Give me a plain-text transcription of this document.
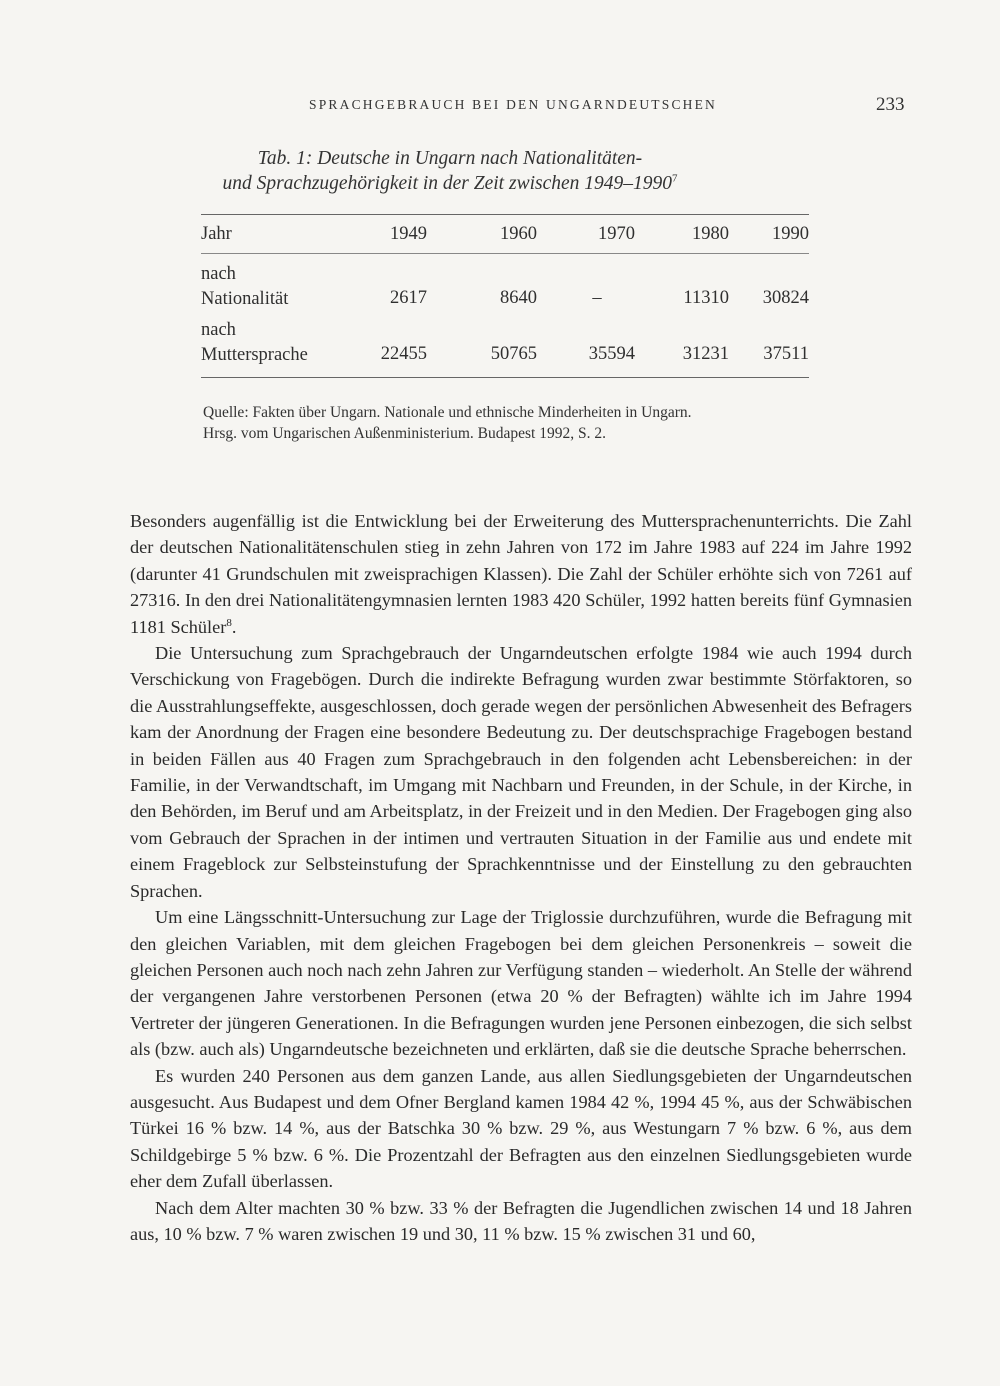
SPRACHGEBRAUCH BEI DEN UNGARNDEUTSCHEN	233
Tab. 1: Deutsche in Ungarn nach Nationalitäten-
und Sprachzugehörigkeit in der Zeit zwischen 1949–1990$^7$
Jahr	1949	1960	1970	1980	1990

nach
Nationalität	2617	8640	–	11310	30824

nach
Muttersprache	22455	50765	35594	31231	37511

Quelle: Fakten über Ungarn. Nationale und ethnische Minderheiten in Ungarn.
Hrsg. vom Ungarischen Außenministerium. Budapest 1992, S. 2.

Besonders augenfällig ist die Entwicklung bei der Erweiterung des Muttersprachenunterrichts. Die Zahl der deutschen Nationalitätenschulen stieg in zehn Jahren von 172 im Jahre 1983 auf 224 im Jahre 1992 (darunter 41 Grundschulen mit zweisprachigen Klassen). Die Zahl der Schüler erhöhte sich von 7261 auf 27316. In den drei Nationalitätengymnasien lernten 1983 420 Schüler, 1992 hatten bereits fünf Gymnasien 1181 Schüler$^8$.

Die Untersuchung zum Sprachgebrauch der Ungarndeutschen erfolgte 1984 wie auch 1994 durch Verschickung von Fragebögen. Durch die indirekte Befragung wurden zwar bestimmte Störfaktoren, so die Ausstrahlungseffekte, ausgeschlossen, doch gerade wegen der persönlichen Abwesenheit des Befragers kam der Anordnung der Fragen eine besondere Bedeutung zu. Der deutschsprachige Fragebogen bestand in beiden Fällen aus 40 Fragen zum Sprachgebrauch in den folgenden acht Lebensbereichen: in der Familie, in der Verwandtschaft, im Umgang mit Nachbarn und Freunden, in der Schule, in der Kirche, in den Behörden, im Beruf und am Arbeitsplatz, in der Freizeit und in den Medien. Der Fragebogen ging also vom Gebrauch der Sprachen in der intimen und vertrauten Situation in der Familie aus und endete mit einem Frageblock zur Selbsteinstufung der Sprachkenntnisse und der Einstellung zu den gebrauchten Sprachen.

Um eine Längsschnitt-Untersuchung zur Lage der Triglossie durchzuführen, wurde die Befragung mit den gleichen Variablen, mit dem gleichen Fragebogen bei dem gleichen Personenkreis – soweit die gleichen Personen auch noch nach zehn Jahren zur Verfügung standen – wiederholt. An Stelle der während der vergangenen Jahre verstorbenen Personen (etwa 20 % der Befragten) wählte ich im Jahre 1994 Vertreter der jüngeren Generationen. In die Befragungen wurden jene Personen einbezogen, die sich selbst als (bzw. auch als) Ungarndeutsche bezeichneten und erklärten, daß sie die deutsche Sprache beherrschen.

Es wurden 240 Personen aus dem ganzen Lande, aus allen Siedlungsgebieten der Ungarndeutschen ausgesucht. Aus Budapest und dem Ofner Bergland kamen 1984 42 %, 1994 45 %, aus der Schwäbischen Türkei 16 % bzw. 14 %, aus der Batschka 30 % bzw. 29 %, aus Westungarn 7 % bzw. 6 %, aus dem Schildgebirge 5 % bzw. 6 %. Die Prozentzahl der Befragten aus den einzelnen Siedlungsgebieten wurde eher dem Zufall überlassen.

Nach dem Alter machten 30 % bzw. 33 % der Befragten die Jugendlichen zwischen 14 und 18 Jahren aus, 10 % bzw. 7 % waren zwischen 19 und 30, 11 % bzw. 15 % zwischen 31 und 60,
